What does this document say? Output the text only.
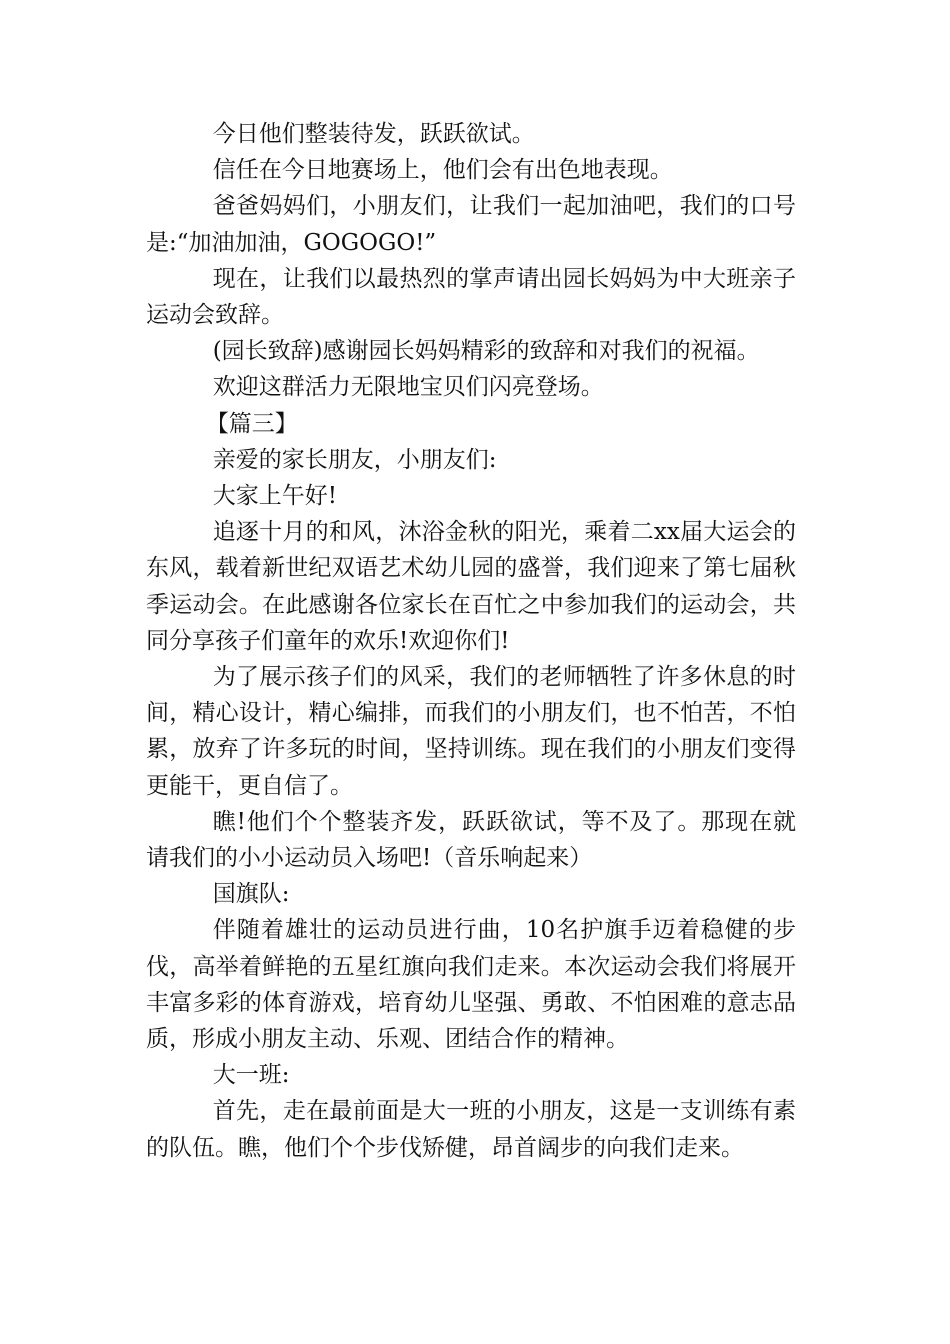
今日他们整装待发，跃跃欲试。

信任在今日地赛场上，他们会有出色地表现。

爸爸妈妈们，小朋友们，让我们一起加油吧，我们的口号是:“加油加油，GOGOGO!”

现在，让我们以最热烈的掌声请出园长妈妈为中大班亲子运动会致辞。

(园长致辞)感谢园长妈妈精彩的致辞和对我们的祝福。

欢迎这群活力无限地宝贝们闪亮登场。

【篇三】

亲爱的家长朋友，小朋友们:

大家上午好!

追逐十月的和风，沐浴金秋的阳光，乘着二xx届大运会的东风，载着新世纪双语艺术幼儿园的盛誉，我们迎来了第七届秋季运动会。在此感谢各位家长在百忙之中参加我们的运动会，共同分享孩子们童年的欢乐!欢迎你们!

为了展示孩子们的风采，我们的老师牺牲了许多休息的时间，精心设计，精心编排，而我们的小朋友们，也不怕苦，不怕累，放弃了许多玩的时间，坚持训练。现在我们的小朋友们变得更能干，更自信了。

瞧!他们个个整装齐发，跃跃欲试，等不及了。那现在就请我们的小小运动员入场吧!（音乐响起来）

国旗队:

伴随着雄壮的运动员进行曲，10名护旗手迈着稳健的步伐，高举着鲜艳的五星红旗向我们走来。本次运动会我们将展开丰富多彩的体育游戏，培育幼儿坚强、勇敢、不怕困难的意志品质，形成小朋友主动、乐观、团结合作的精神。

大一班:

首先，走在最前面是大一班的小朋友，这是一支训练有素的队伍。瞧，他们个个步伐矫健，昂首阔步的向我们走来。
